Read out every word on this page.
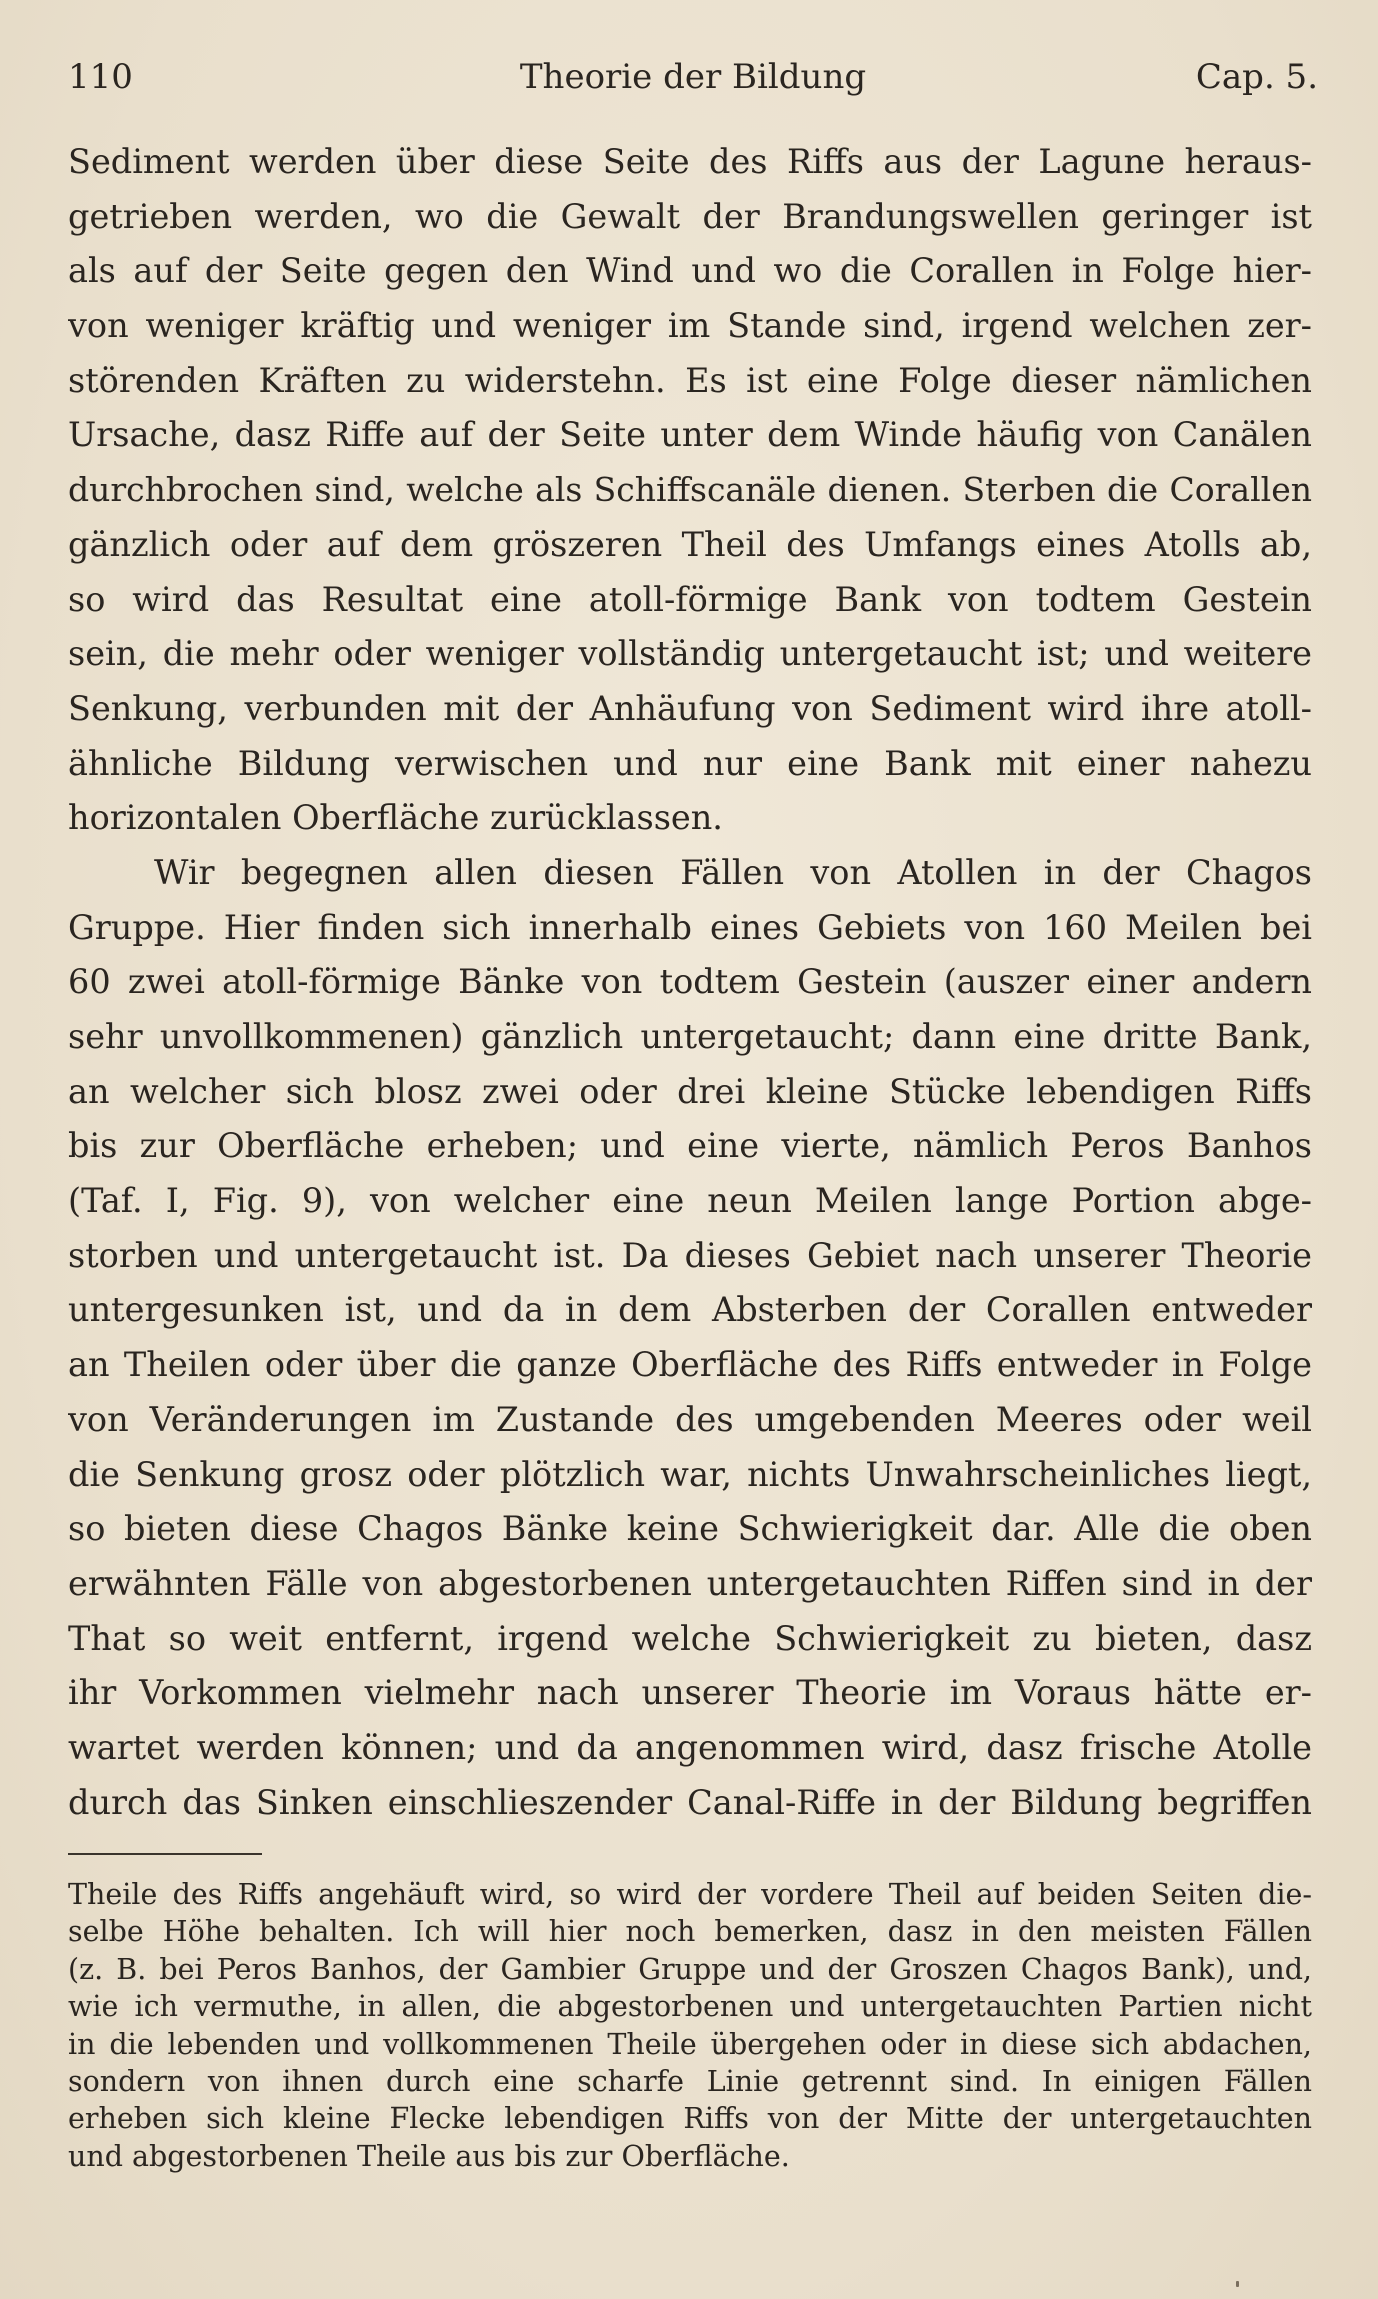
110	Theorie der Bildung	Cap. 5.
Sediment werden über diese Seite des Riffs aus der Lagune heraus-
getrieben werden, wo die Gewalt der Brandungswellen geringer ist
als auf der Seite gegen den Wind und wo die Corallen in Folge hier-
von weniger kräftig und weniger im Stande sind, irgend welchen zer-
störenden Kräften zu widerstehn. Es ist eine Folge dieser nämlichen
Ursache, dasz Riffe auf der Seite unter dem Winde häufig von Canälen
durchbrochen sind, welche als Schiffscanäle dienen. Sterben die Corallen
gänzlich oder auf dem gröszeren Theil des Umfangs eines Atolls ab,
so wird das Resultat eine atoll-förmige Bank von todtem Gestein
sein, die mehr oder weniger vollständig untergetaucht ist; und weitere
Senkung, verbunden mit der Anhäufung von Sediment wird ihre atoll-
ähnliche Bildung verwischen und nur eine Bank mit einer nahezu
horizontalen Oberfläche zurücklassen.
Wir begegnen allen diesen Fällen von Atollen in der Chagos
Gruppe. Hier finden sich innerhalb eines Gebiets von 160 Meilen bei
60 zwei atoll-förmige Bänke von todtem Gestein (auszer einer andern
sehr unvollkommenen) gänzlich untergetaucht; dann eine dritte Bank,
an welcher sich blosz zwei oder drei kleine Stücke lebendigen Riffs
bis zur Oberfläche erheben; und eine vierte, nämlich Peros Banhos
(Taf. I, Fig. 9), von welcher eine neun Meilen lange Portion abge-
storben und untergetaucht ist. Da dieses Gebiet nach unserer Theorie
untergesunken ist, und da in dem Absterben der Corallen entweder
an Theilen oder über die ganze Oberfläche des Riffs entweder in Folge
von Veränderungen im Zustande des umgebenden Meeres oder weil
die Senkung grosz oder plötzlich war, nichts Unwahrscheinliches liegt,
so bieten diese Chagos Bänke keine Schwierigkeit dar. Alle die oben
erwähnten Fälle von abgestorbenen untergetauchten Riffen sind in der
That so weit entfernt, irgend welche Schwierigkeit zu bieten, dasz
ihr Vorkommen vielmehr nach unserer Theorie im Voraus hätte er-
wartet werden können; und da angenommen wird, dasz frische Atolle
durch das Sinken einschlieszender Canal-Riffe in der Bildung begriffen
Theile des Riffs angehäuft wird, so wird der vordere Theil auf beiden Seiten die-
selbe Höhe behalten. Ich will hier noch bemerken, dasz in den meisten Fällen
(z. B. bei Peros Banhos, der Gambier Gruppe und der Groszen Chagos Bank), und,
wie ich vermuthe, in allen, die abgestorbenen und untergetauchten Partien nicht
in die lebenden und vollkommenen Theile übergehen oder in diese sich abdachen,
sondern von ihnen durch eine scharfe Linie getrennt sind. In einigen Fällen
erheben sich kleine Flecke lebendigen Riffs von der Mitte der untergetauchten
und abgestorbenen Theile aus bis zur Oberfläche.
